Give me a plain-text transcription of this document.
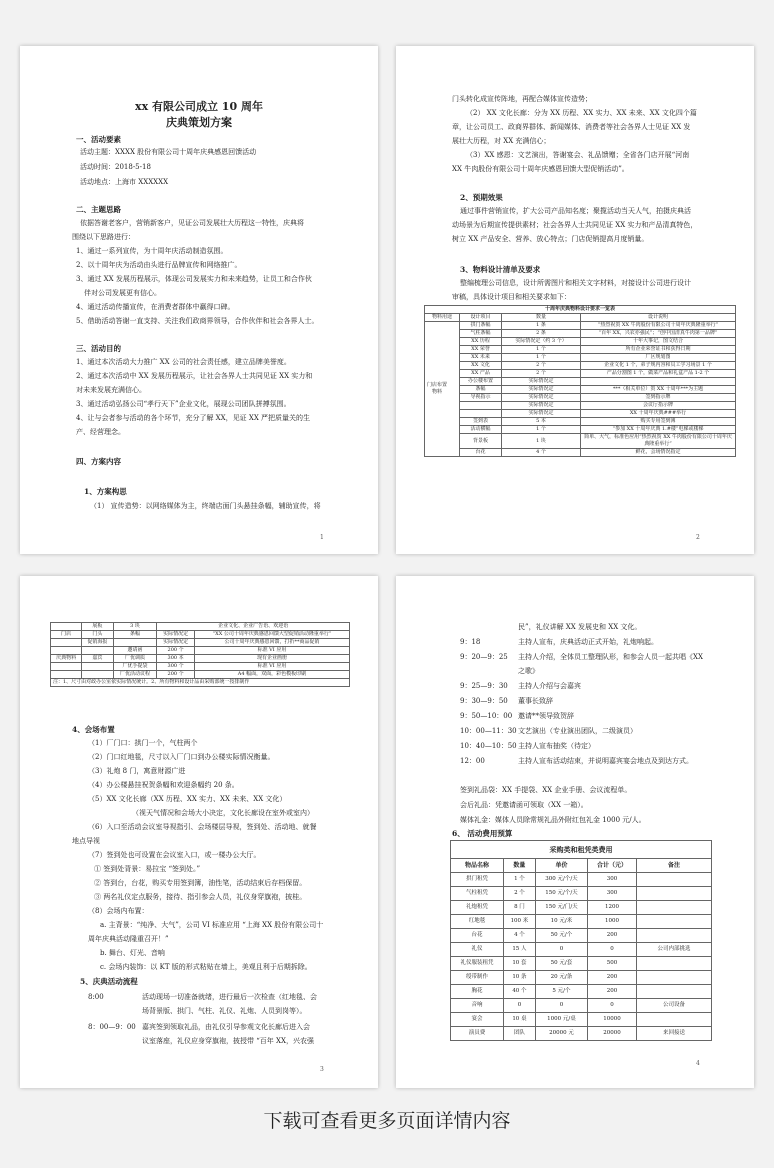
xx 有限公司成立 10 周年
庆典策划方案
一、活动要素
活动主题：XXXX 股份有限公司十周年庆典感恩回馈活动
活动时间：2018-5-18
活动地点：上海市 XXXXXX
二、主题思路
依据答谢老客户，营销新客户，见证公司发展壮大历程这一特性，庆典将
围绕以下思路进行：
1、通过一系列宣传，为十周年庆活动制造氛围。
2、以十周年庆为活动由头进行品牌宣传和网络推广。
3、通过 XX 发展历程展示，体现公司发展实力和未来趋势，让员工和合作伙
伴对公司发展更有信心。
4、通过活动传播宣传，在消费者群体中赢得口碑。
5、借助活动答谢一直支持、关注我们政商界领导，合作伙伴和社会各界人士。
三、活动目的
1、通过本次活动大力推广 XX 公司的社会责任感，建立品牌美誉度。
2、通过本次活动中 XX 发展历程展示，让社会各界人士共同见证 XX 实力和
对未来发展充满信心。
3、通过活动弘扬公司“孝行天下”企业文化，展现公司团队拼搏氛围。
4、让与会者参与活动的各个环节，充分了解 XX，见证 XX 严把质量关的生
产、经营理念。
四、方案内容
1、方案构思
（1） 宣传造势：以网络媒体为主，终端店面门头悬挂条幅，辅助宣传，将
1
门头转化成宣传阵地，再配合媒体宣传造势；
（2） XX 文化长廊：分为 XX 历程、XX 实力、XX 未来、XX 文化四个篇
章，让公司员工、政商界群体、新闻媒体、消费者等社会各界人士见证 XX 发
展壮大历程，对 XX 充满信心；
（3）XX 感恩：文艺演出，答谢宴会、礼品馈赠；全省各门店开展“河南
XX 牛肉股份有限公司十周年庆感恩回馈大型促销活动”。
2、预期效果
通过事件营销宣传，扩大公司产品知名度；聚揽活动当天人气，拍摄庆典活
动场景为后期宣传提供素材；社会各界人士共同见证 XX 实力和产品清真特色，
树立 XX 产品安全、营养、放心特点；门店促销提高月度销量。
3、物料设计清单及要求
整编梳理公司信息，设计所需图片和相关文字材料，对接设计公司进行设计
审稿，具体设计项目和相关要求如下：
十周年庆典物料设计要求一览表			
物料用途	设计项目	数量	设计说明

门店布置物料	拱门条幅	1 条	“热烈祝贺 XX 牛肉股份有限公司十周年庆典隆重举行”
	气柱条幅	2 条	“百年 XX，兴农亦强民”；“创中国清真牛肉第一品牌”
	XX 历程	实际情况定（约 3 个）	十年大事记，图文结合
	XX 荣誉	1 个	所有企业荣誉证书和获得日期
	XX 未来	1 个	厂区规划图
	XX 文化	2 个	企业文化 1 个，弟子规内容和员工学习场景 1 个
	XX 产品	2 个	产品分割图 1 个，做菜产品和礼盒产品 1-2 个
	办公楼布置	实际情况定	
	条幅	实际情况定	***（相关单位）贺 XX 十周年***为主题
	导视指示	实际情况定	签到指示牌
		实际情况定	会议厅指示牌
		实际情况定	XX 十周年庆典###举行
	签到表	5 本	购买专用签到簿
	活动横幅	1 个	“参加 XX 十周年庆典 1.#楼”电梯或楼梯
	背景板	1 块	简单、大气，标准色应用“热烈祝贺 XX 牛肉股份有限公司十周年庆典隆重举行”
	台花	4 个	鲜花，会场情况指定
2
	展板	3 块	企业文化、企业广告语、欢迎语	
门店	门头	条幅	实际情况定	“XX 公司十周年庆典感恩回馈大型促销活动隆重举行”
	促销海报		实际情况定	公司十周年庆典感恩回馈，打折**商品促销
		邀请函	200 个	标准 VI 应用
庆典物料	嘉宾	厂优调质	300 本	现有企业画册
		厂优手提袋	300 个	标准 VI 应用
		厂优活动议程	200 个	A4 幅面，双面，彩色模板印刷
注：1、尺寸由对政办公室依实际情况统计。2、所有物料和设计品由采购部统一按排制作				
4、会场布置
（1）厂门口：拱门一个，气柱两个
（2）门口红地毯，尺寸以入厂门口到办公楼实际情况衡量。
（3）礼炮 8 门，寓意财源广进
（4）办公楼悬挂祝贺条幅和欢迎条幅约 20 条。
（5）XX 文化长廊（XX 历程、XX 实力、XX 未来、XX 文化）
（视天气情况和会场大小决定，文化长廊设在室外或室内）
（6）入口至活动会议室导视指引、会场楼层导视，签到处、活动地、就餐
地点导视
（7）签到处也可设置在会议室入口，或一楼办公大厅。
① 签到处背景：易拉宝 “签到处。”
② 答到台，台花，购买专用签到簿，油性笔，活动结束后存档保留。
③ 两名礼仪定点服务，接待、指引参会人员，礼仪身穿旗袍，披桂。
（8）会场内布置：
a. 主背景：“纯净、大气”，公司 VI 标准应用 “上海 XX 股份有限公司十
周年庆典活动隆重召开！”
b. 舞台、灯光、音响
c. 会场内装饰：以 KT 版的形式粘贴在墙上，美观且利于后期拆除。
5、庆典活动流程
8:00	活动现场一切准备就绪，进行最后一次检查（红地毯、会
场背景版、拱门、气柱、礼仪、礼炮、人员到岗等）。
8：00—9：00 嘉宾签到领取礼品，由礼仪引导参观文化长廊后进入会
议室落座，礼仪应身穿旗袍，披授带 “百年 XX，兴农强
3
民”，礼仪讲解 XX 发展史和 XX 文化。
9：18	主持人宣布，庆典活动正式开始，礼炮响起。
9：20—9：25 主持人介绍，全体员工整理队形，和参会人员一起共唱《XX
之歌》
9：25—9：30 主持人介绍与会嘉宾
9：30—9：50 董事长致辞
9：50—10：00 邀请**领导致贺辞
10：00—11：30 文艺演出（专业演出团队，二级演员）
10：40—10：50 主持人宣布抽奖（待定）
12：00	主持人宣布活动结束，并说明嘉宾宴会地点及到达方式。
签到礼品袋：XX 手提袋、XX 企业手册、会议流程单。
会后礼品：凭邀请函可领取（XX 一箱）。
媒体礼金：媒体人员除常规礼品外附红包礼金 1000 元/人。
6、 活动费用预算
采购类和租凭类费用				
物品名称	数量	单价	合计（元）	备注
拱门租凭	1 个	300 元/个/天	300	
气柱租凭	2 个	150 元/个/天	300	
礼炮租凭	8 门	150 元/门/天	1200	
红地毯	100 米	10 元/米	1000	
台花	4 个	50 元/个	200	
礼仪	15 人	0	0	公司内部挑选
礼仪服装租凭	10 套	50 元/套	500	
绶带制作	10 条	20 元/条	200	
胸花	40 个	5 元/个	200	
音响	0	0	0	公司设备
宴会	10 桌	1000 元/桌	10000	
演员费	团队	20000 元	20000	来回接送
4
下载可查看更多页面详情内容
